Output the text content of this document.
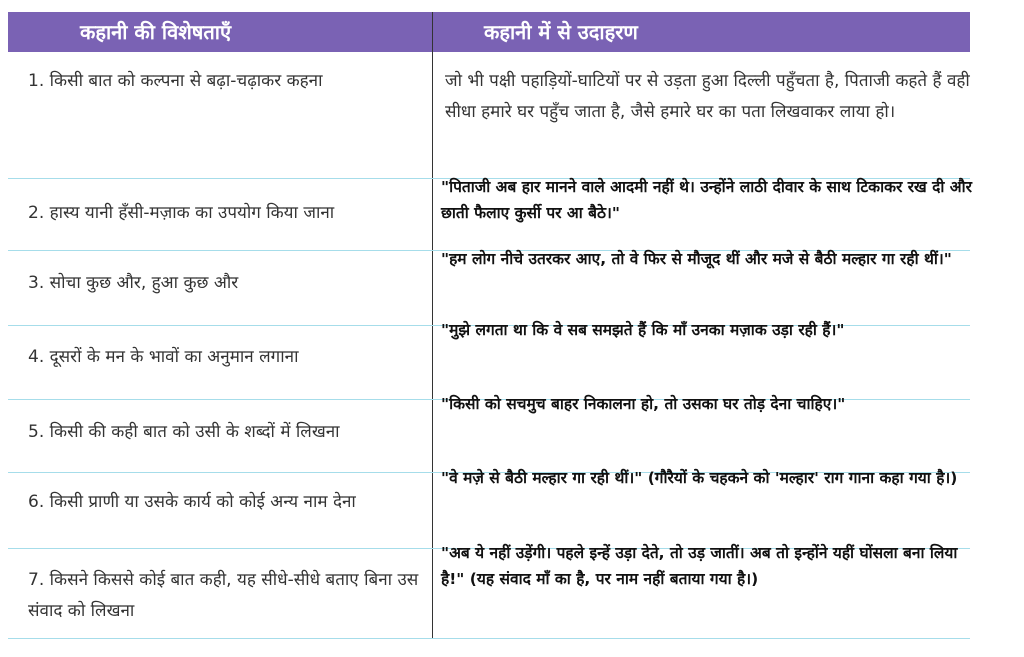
कहानी की विशेषताएँ	कहानी में से उदाहरण
1. किसी बात को कल्पना से बढ़ा-चढ़ाकर कहना	जो भी पक्षी पहाड़ियों-घाटियों पर से उड़ता हुआ दिल्ली पहुँचता है, पिताजी कहते हैं वही सीधा हमारे घर पहुँच जाता है, जैसे हमारे घर का पता लिखवाकर लाया हो।
2. हास्य यानी हँसी-मज़ाक का उपयोग किया जाना
"पिताजी अब हार मानने वाले आदमी नहीं थे। उन्होंने लाठी दीवार के साथ टिकाकर रख दी और छाती फैलाए कुर्सी पर आ बैठे।"
3. सोचा कुछ और, हुआ कुछ और
"हम लोग नीचे उतरकर आए, तो वे फिर से मौजूद थीं और मजे से बैठी मल्हार गा रही थीं।"
4. दूसरों के मन के भावों का अनुमान लगाना
"मुझे लगता था कि वे सब समझते हैं कि माँ उनका मज़ाक उड़ा रही हैं।"
5. किसी की कही बात को उसी के शब्दों में लिखना
"किसी को सचमुच बाहर निकालना हो, तो उसका घर तोड़ देना चाहिए।"
6. किसी प्राणी या उसके कार्य को कोई अन्य नाम देना
"वे मज़े से बैठी मल्हार गा रही थीं।" (गौरैयों के चहकने को 'मल्हार' राग गाना कहा गया है।)
7. किसने किससे कोई बात कही, यह सीधे-सीधे बताए बिना उस संवाद को लिखना
"अब ये नहीं उड़ेंगी। पहले इन्हें उड़ा देते, तो उड़ जातीं। अब तो इन्होंने यहीं घोंसला बना लिया है!" (यह संवाद माँ का है, पर नाम नहीं बताया गया है।)
